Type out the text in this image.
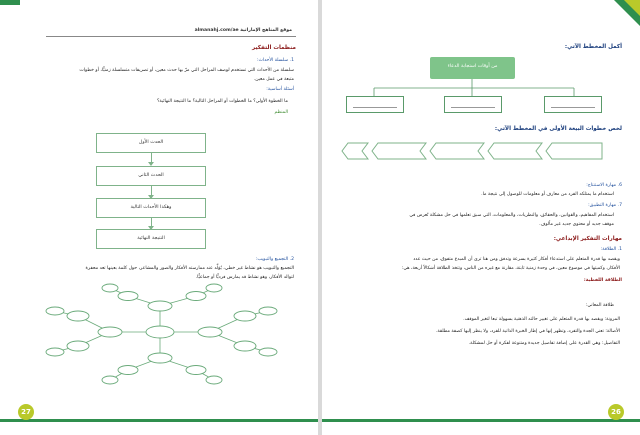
موقع المناهج الإماراتية almanahj.com/ae
منظمات التفكير
1. سلسلة الأحداث:
سلسلة من الأحداث التي تستخدم لوصف المراحل التي مرّ بها حدث معين، أو تصريفات متسلسلة زمنيًّا، أو خطوات
متبعة في عمل معين.
أسئلة أساسية:
ما الخطوة الأولى؟ ما الخطوات أو المراحل التالية؟ ما النتيجة النهائية؟
المنظم
الحدث الأول
الحدث الثاني
وهكذا الأحداث التالية
النتيجة النهائية
2. التجميع والتبويب:
التجميع والتبويب هو نشاط غير خطي، يُوَلَّد عند ممارسته الأفكار والصور والمشاعر، حول كلمة بعينها تعد محفزة
لتوالد الأفكار، وهو نشاط قد يمارس فرديًّا أو جماعيًّا.
27
أكمل المخطط الآتي:
من أوقات استجابة الدعاء
لخص خطوات البيعة الأولى في المخطط الآتي:
6. مهارة الاستنتاج:
استخدام ما يمتلكه الفرد من معارف أو معلومات للوصول إلى نتيجة ما.
7. مهارة التطبيق:
استخدام المفاهيم، والقوانين، والحقائق، والنظريات، والمعلومات، التي سبق تعلمها في حل مشكلة تُعرض في
موقف جديد أو محتوى جديد غير مألوف.
مهارات التفكير الإبداعي:
1. الطلاقة:
ويقصد بها قدرة المتعلم على استدعاء أفكار كثيرة بسرعة وتدفق ومن هنا ترى أن المبدع متفوق، من حيث عدد
الأفكار، وكميتها في موضوع معين، في وحدة زمنية ثابتة، مقارنة مع غيره من الناس، وتتخذ الطلاقة أشكالاً أربعة، هي:
الطلاقة اللفظية:
طلاقة المعاني:
المرونة: ويقصد بها قدرة المتعلم على تغيير حالته الذهنية بسهولة تبعا لتغير الموقف.
الأصالة: تعني الجدة والتفرد، وتظهر إنها في إطار الخبرة الذاتية للفرد، ولا ينظر إليها كصفة مطلقة.
التفاصيل: وهي القدرة على إضافة تفاصيل جديدة ومتنوعة لفكرة أو حل لمشكلة.
26
